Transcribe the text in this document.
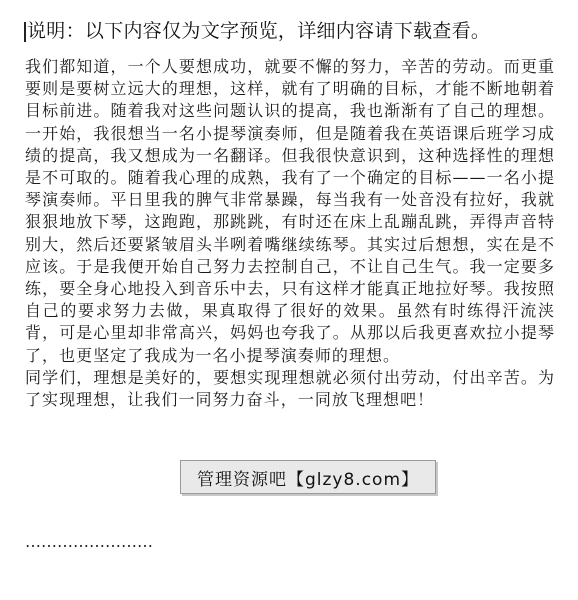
说明：以下内容仅为文字预览，详细内容请下载查看。

我们都知道，一个人要想成功，就要不懈的努力，辛苦的劳动。而更重要则是要树立远大的理想，这样，就有了明确的目标，才能不断地朝着目标前进。随着我对这些问题认识的提高，我也渐渐有了自己的理想。一开始，我很想当一名小提琴演奏师，但是随着我在英语课后班学习成绩的提高，我又想成为一名翻译。但我很快意识到，这种选择性的理想是不可取的。随着我心理的成熟，我有了一个确定的目标——一名小提琴演奏师。平日里我的脾气非常暴躁，每当我有一处音没有拉好，我就狠狠地放下琴，这跑跑，那跳跳，有时还在床上乱蹦乱跳，弄得声音特别大，然后还要紧皱眉头半咧着嘴继续练琴。其实过后想想，实在是不应该。于是我便开始自己努力去控制自己，不让自己生气。我一定要多练，要全身心地投入到音乐中去，只有这样才能真正地拉好琴。我按照自己的要求努力去做，果真取得了很好的效果。虽然有时练得汗流浃背，可是心里却非常高兴，妈妈也夸我了。从那以后我更喜欢拉小提琴了，也更坚定了我成为一名小提琴演奏师的理想。

同学们，理想是美好的，要想实现理想就必须付出劳动，付出辛苦。为了实现理想，让我们一同努力奋斗，一同放飞理想吧！

……………………
管理资源吧【glzy8.com】
